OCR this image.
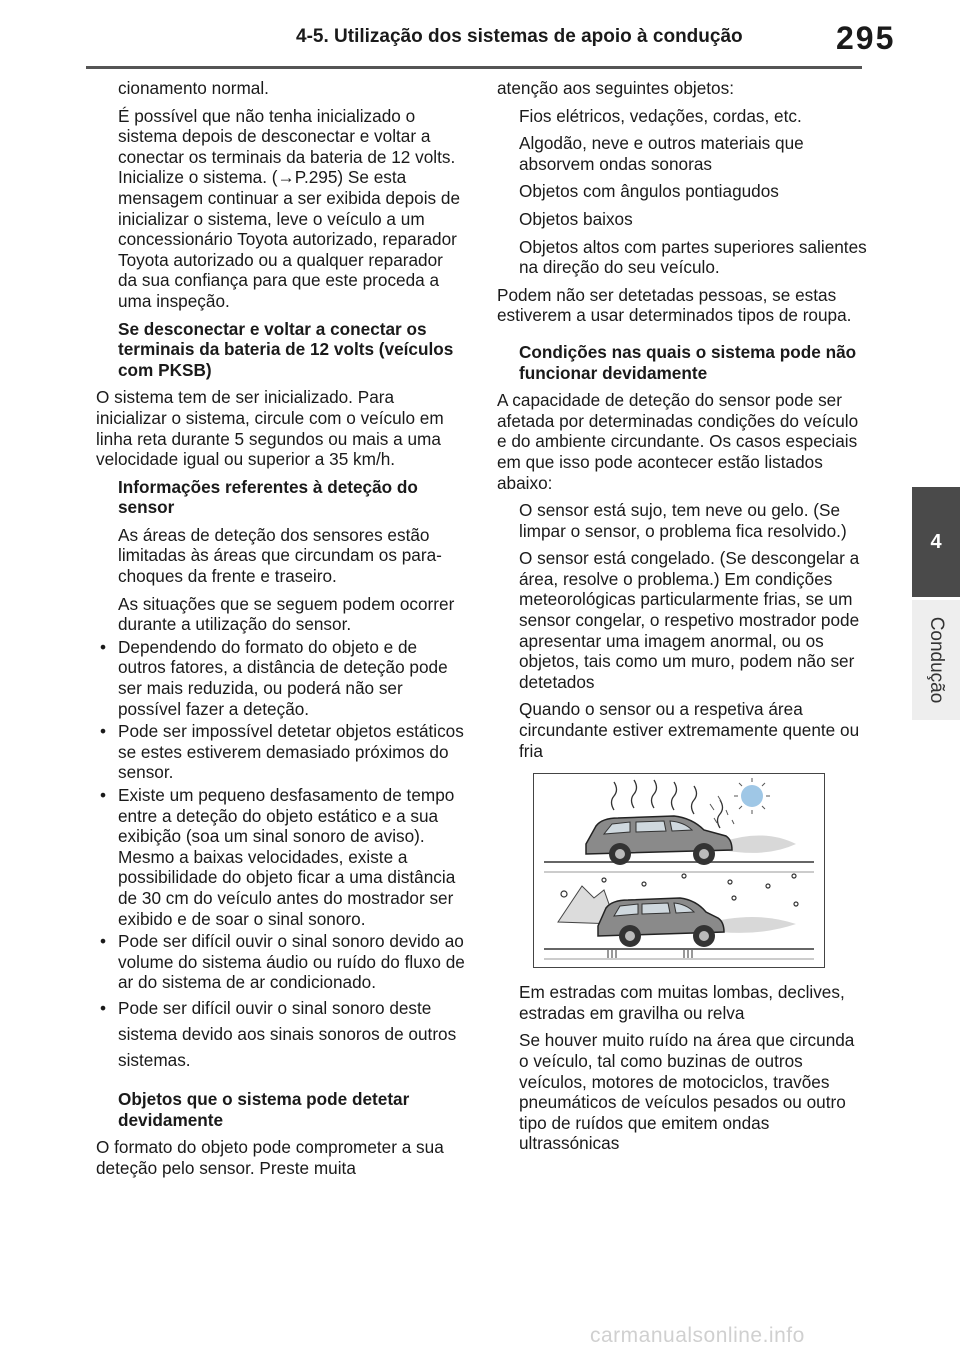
4-5. Utilização dos sistemas de apoio à condução	295
4
Condução

cionamento normal.

É possível que não tenha inicializado o sistema depois de desconectar e voltar a conectar os terminais da bateria de 12 volts. Inicialize o sistema. (→P.295) Se esta mensagem continuar a ser exibida depois de inicializar o sistema, leve o veículo a um concessionário Toyota autorizado, reparador Toyota autorizado ou a qualquer reparador da sua confiança para que este proceda a uma inspeção.

Se desconectar e voltar a conectar os terminais da bateria de 12 volts (veículos com PKSB)

O sistema tem de ser inicializado. Para inicializar o sistema, circule com o veículo em linha reta durante 5 segundos ou mais a uma velocidade igual ou superior a 35 km/h.

Informações referentes à deteção do sensor

As áreas de deteção dos sensores estão limitadas às áreas que circundam os para-choques da frente e traseiro.

As situações que se seguem podem ocorrer durante a utilização do sensor.

• Dependendo do formato do objeto e de outros fatores, a distância de deteção pode ser mais reduzida, ou poderá não ser possível fazer a deteção.

• Pode ser impossível detetar objetos estáticos se estes estiverem demasiado próximos do sensor.

• Existe um pequeno desfasamento de tempo entre a deteção do objeto estático e a sua exibição (soa um sinal sonoro de aviso). Mesmo a baixas velocidades, existe a possibilidade do objeto ficar a uma distância de 30 cm do veículo antes do mostrador ser exibido e de soar o sinal sonoro.

• Pode ser difícil ouvir o sinal sonoro devido ao volume do sistema áudio ou ruído do fluxo de ar do sistema de ar condicionado.

• Pode ser difícil ouvir o sinal sonoro deste sistema devido aos sinais sonoros de outros sistemas.

Objetos que o sistema pode detetar devidamente

O formato do objeto pode comprometer a sua deteção pelo sensor. Preste muita

atenção aos seguintes objetos:

Fios elétricos, vedações, cordas, etc.

Algodão, neve e outros materiais que absorvem ondas sonoras

Objetos com ângulos pontiagudos

Objetos baixos

Objetos altos com partes superiores salientes na direção do seu veículo.

Podem não ser detetadas pessoas, se estas estiverem a usar determinados tipos de roupa.

Condições nas quais o sistema pode não funcionar devidamente

A capacidade de deteção do sensor pode ser afetada por determinadas condições do veículo e do ambiente circundante. Os casos especiais em que isso pode acontecer estão listados abaixo:

O sensor está sujo, tem neve ou gelo. (Se limpar o sensor, o problema fica resolvido.)

O sensor está congelado. (Se descongelar a área, resolve o problema.) Em condições meteorológicas particularmente frias, se um sensor congelar, o respetivo mostrador pode apresentar uma imagem anormal, ou os objetos, tais como um muro, podem não ser detetados

Quando o sensor ou a respetiva área circundante estiver extremamente quente ou fria

Em estradas com muitas lombas, declives, estradas em gravilha ou relva

Se houver muito ruído na área que circunda o veículo, tal como buzinas de outros veículos, motores de motociclos, travões pneumáticos de veículos pesados ou outro tipo de ruídos que emitem ondas ultrassónicas

carmanualsonline.info
